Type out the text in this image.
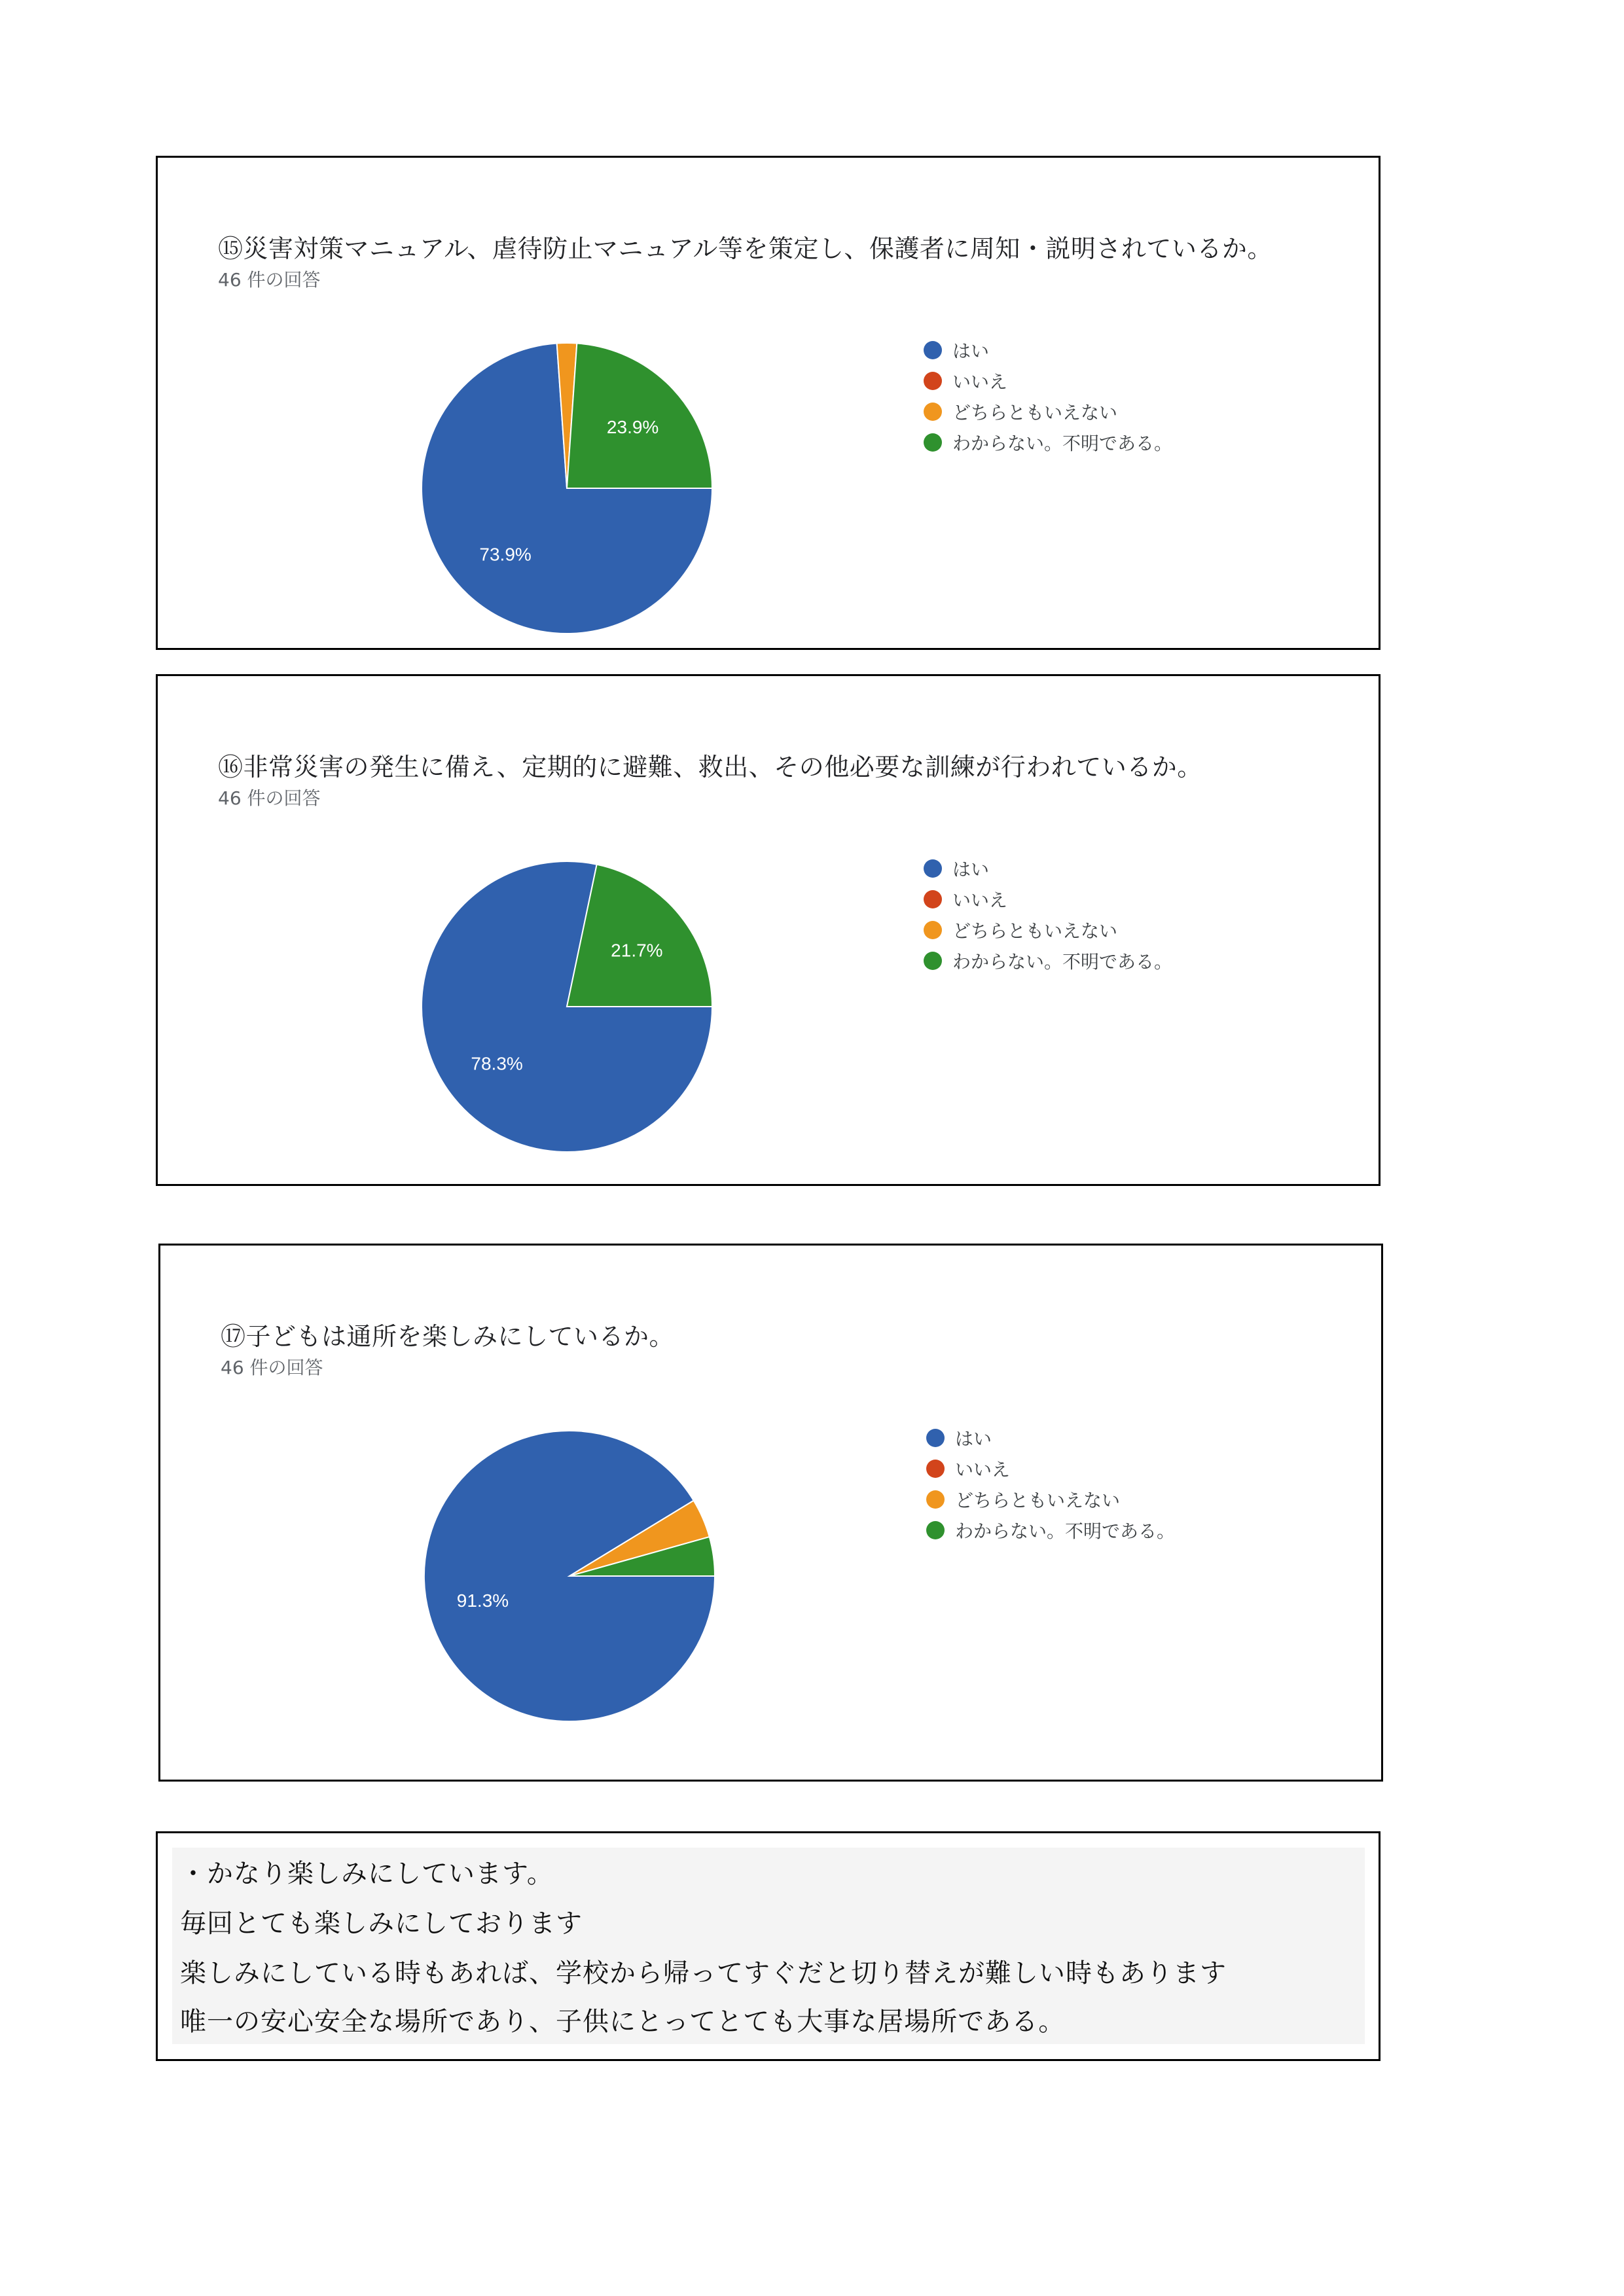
⑮災害対策マニュアル、虐待防止マニュアル等を策定し、保護者に周知・説明されているか。
46 件の回答
73.9%
23.9%
はい
いいえ
どちらともいえない
わからない。不明である。
⑯非常災害の発生に備え、定期的に避難、救出、その他必要な訓練が行われているか。
46 件の回答
78.3%
21.7%
はい
いいえ
どちらともいえない
わからない。不明である。
⑰子どもは通所を楽しみにしているか。
46 件の回答
91.3%
はい
いいえ
どちらともいえない
わからない。不明である。
・かなり楽しみにしています。
毎回とても楽しみにしております
楽しみにしている時もあれば、学校から帰ってすぐだと切り替えが難しい時もあります
唯一の安心安全な場所であり、子供にとってとても大事な居場所である。
